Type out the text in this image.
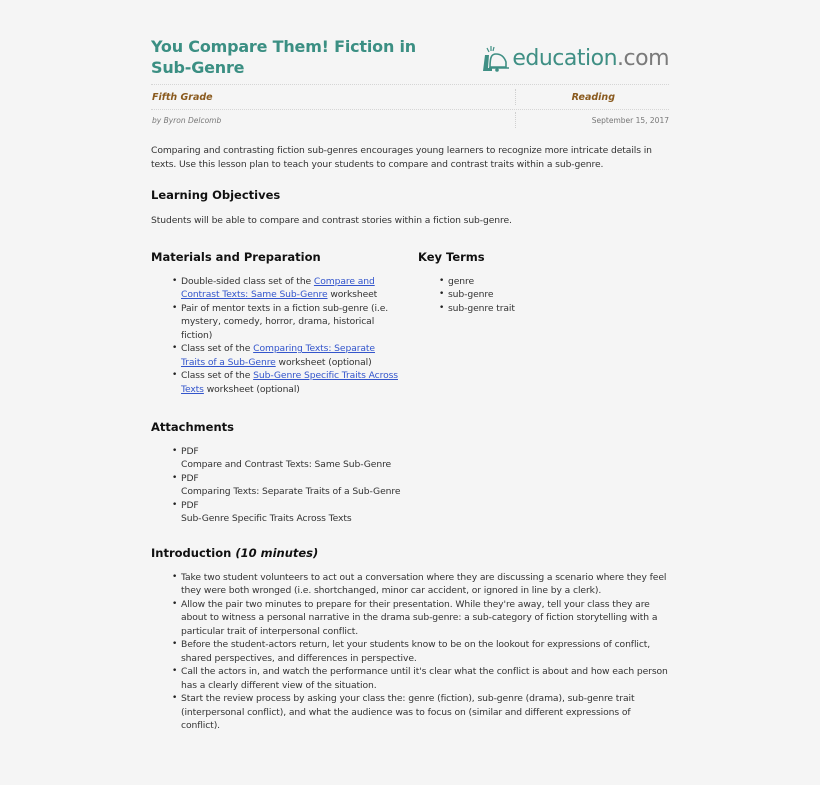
You Compare Them! Fiction in Sub-Genre	education.com
Fifth Grade	Reading
by Byron Delcomb	September 15, 2017

Comparing and contrasting fiction sub-genres encourages young learners to recognize more intricate details in texts. Use this lesson plan to teach your students to compare and contrast traits within a sub-genre.

Learning Objectives

Students will be able to compare and contrast stories within a fiction sub-genre.

Materials and Preparation
• Double-sided class set of the Compare and Contrast Texts: Same Sub-Genre worksheet
• Pair of mentor texts in a fiction sub-genre (i.e. mystery, comedy, horror, drama, historical fiction)
• Class set of the Comparing Texts: Separate Traits of a Sub-Genre worksheet (optional)
• Class set of the Sub-Genre Specific Traits Across Texts worksheet (optional)
Key Terms
• genre
• sub-genre
• sub-genre trait
Attachments
• PDF
Compare and Contrast Texts: Same Sub-Genre
• PDF
Comparing Texts: Separate Traits of a Sub-Genre
• PDF
Sub-Genre Specific Traits Across Texts
Introduction (10 minutes)
• Take two student volunteers to act out a conversation where they are discussing a scenario where they feel they were both wronged (i.e. shortchanged, minor car accident, or ignored in line by a clerk).
• Allow the pair two minutes to prepare for their presentation. While they're away, tell your class they are about to witness a personal narrative in the drama sub-genre: a sub-category of fiction storytelling with a particular trait of interpersonal conflict.
• Before the student-actors return, let your students know to be on the lookout for expressions of conflict, shared perspectives, and differences in perspective.
• Call the actors in, and watch the performance until it's clear what the conflict is about and how each person has a clearly different view of the situation.
• Start the review process by asking your class the: genre (fiction), sub-genre (drama), sub-genre trait (interpersonal conflict), and what the audience was to focus on (similar and different expressions of conflict).
